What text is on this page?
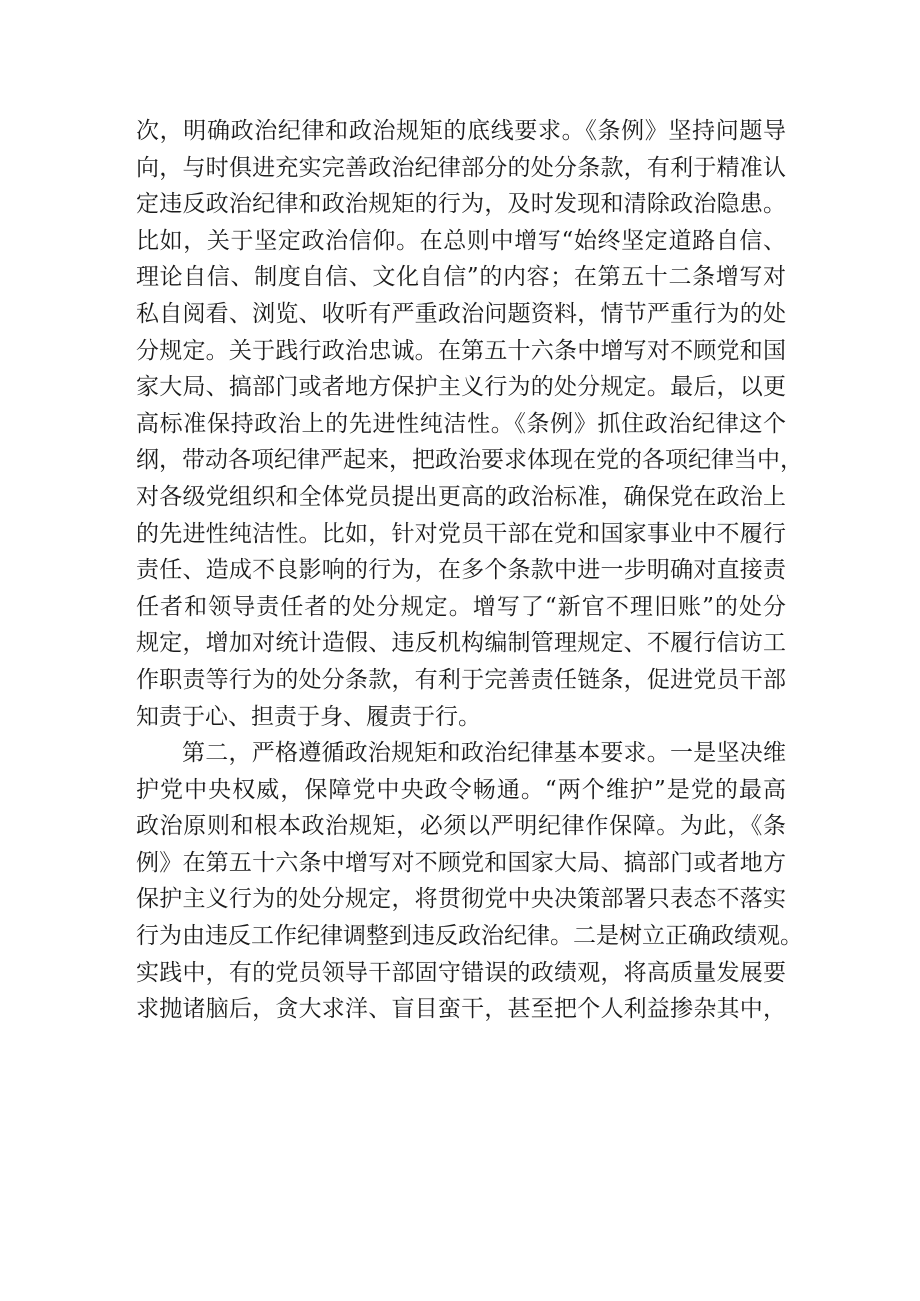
次，明确政治纪律和政治规矩的底线要求。《条例》坚持问题导
向，与时俱进充实完善政治纪律部分的处分条款，有利于精准认
定违反政治纪律和政治规矩的行为，及时发现和清除政治隐患。
比如，关于坚定政治信仰。在总则中增写“始终坚定道路自信、
理论自信、制度自信、文化自信”的内容；在第五十二条增写对
私自阅看、浏览、收听有严重政治问题资料，情节严重行为的处
分规定。关于践行政治忠诚。在第五十六条中增写对不顾党和国
家大局、搞部门或者地方保护主义行为的处分规定。最后，以更
高标准保持政治上的先进性纯洁性。《条例》抓住政治纪律这个
纲，带动各项纪律严起来，把政治要求体现在党的各项纪律当中，
对各级党组织和全体党员提出更高的政治标准，确保党在政治上
的先进性纯洁性。比如，针对党员干部在党和国家事业中不履行
责任、造成不良影响的行为，在多个条款中进一步明确对直接责
任者和领导责任者的处分规定。增写了“新官不理旧账”的处分
规定，增加对统计造假、违反机构编制管理规定、不履行信访工
作职责等行为的处分条款，有利于完善责任链条，促进党员干部
知责于心、担责于身、履责于行。
第二，严格遵循政治规矩和政治纪律基本要求。一是坚决维
护党中央权威，保障党中央政令畅通。“两个维护”是党的最高
政治原则和根本政治规矩，必须以严明纪律作保障。为此，《条
例》在第五十六条中增写对不顾党和国家大局、搞部门或者地方
保护主义行为的处分规定，将贯彻党中央决策部署只表态不落实
行为由违反工作纪律调整到违反政治纪律。二是树立正确政绩观。
实践中，有的党员领导干部固守错误的政绩观，将高质量发展要
求抛诸脑后，贪大求洋、盲目蛮干，甚至把个人利益掺杂其中，
